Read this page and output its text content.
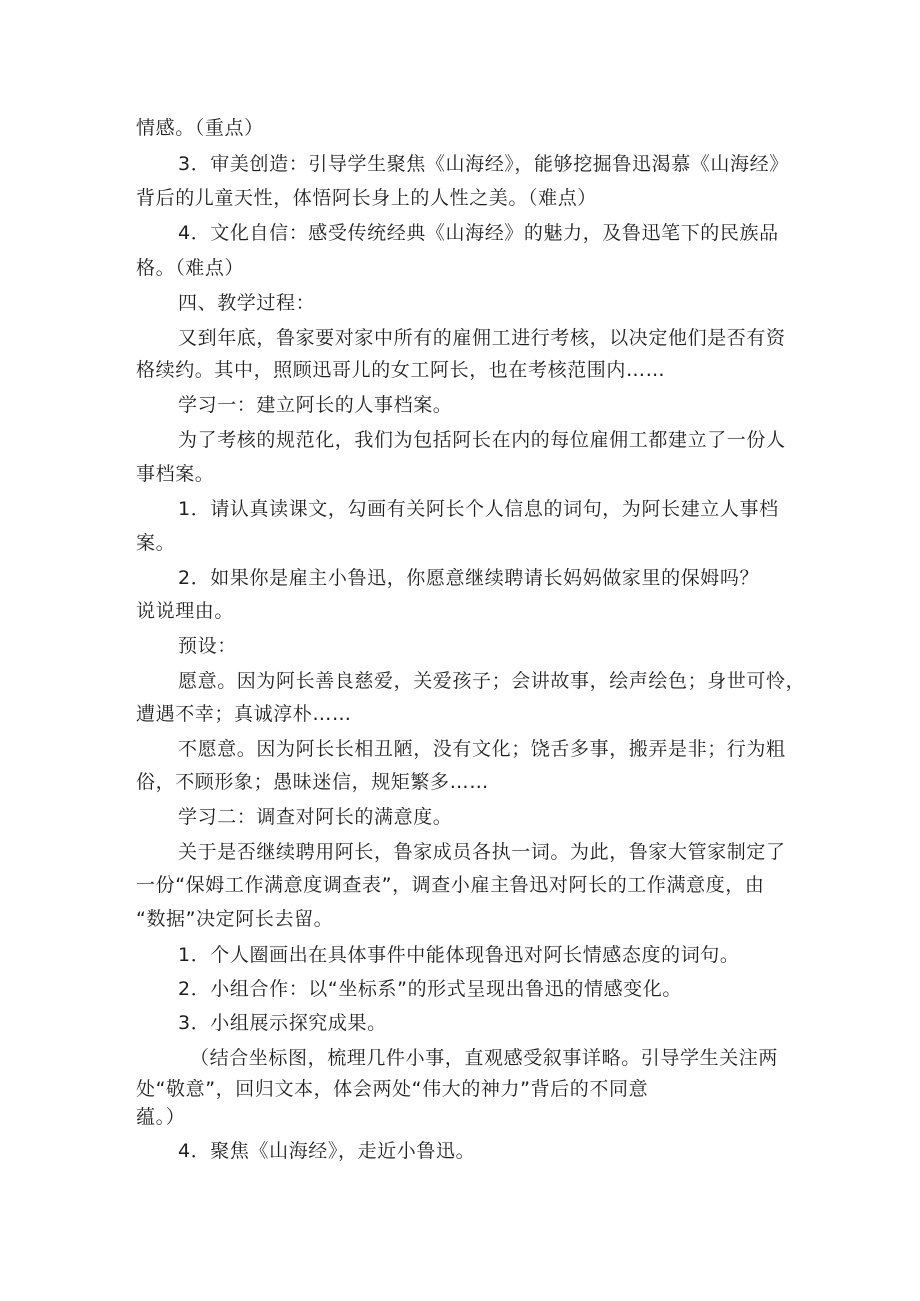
情感。（重点）
3．审美创造：引导学生聚焦《山海经》，能够挖掘鲁迅渴慕《山海经》
背后的儿童天性，体悟阿长身上的人性之美。（难点）
4．文化自信：感受传统经典《山海经》的魅力，及鲁迅笔下的民族品
格。（难点）
四、教学过程：
又到年底，鲁家要对家中所有的雇佣工进行考核，以决定他们是否有资
格续约。其中，照顾迅哥儿的女工阿长，也在考核范围内……
学习一：建立阿长的人事档案。
为了考核的规范化，我们为包括阿长在内的每位雇佣工都建立了一份人
事档案。
1．请认真读课文，勾画有关阿长个人信息的词句，为阿长建立人事档
案。
2．如果你是雇主小鲁迅，你愿意继续聘请长妈妈做家里的保姆吗？
说说理由。
预设：
愿意。因为阿长善良慈爱，关爱孩子；会讲故事，绘声绘色；身世可怜，
遭遇不幸；真诚淳朴……
不愿意。因为阿长长相丑陋，没有文化；饶舌多事，搬弄是非；行为粗
俗，不顾形象；愚昧迷信，规矩繁多……
学习二：调查对阿长的满意度。
关于是否继续聘用阿长，鲁家成员各执一词。为此，鲁家大管家制定了
一份“保姆工作满意度调查表”，调查小雇主鲁迅对阿长的工作满意度，由
“数据”决定阿长去留。
1．个人圈画出在具体事件中能体现鲁迅对阿长情感态度的词句。
2．小组合作：以“坐标系”的形式呈现出鲁迅的情感变化。
3．小组展示探究成果。
（结合坐标图，梳理几件小事，直观感受叙事详略。引导学生关注两
处“敬意”，回归文本，体会两处“伟大的神力”背后的不同意
蕴。）
4．聚焦《山海经》，走近小鲁迅。
